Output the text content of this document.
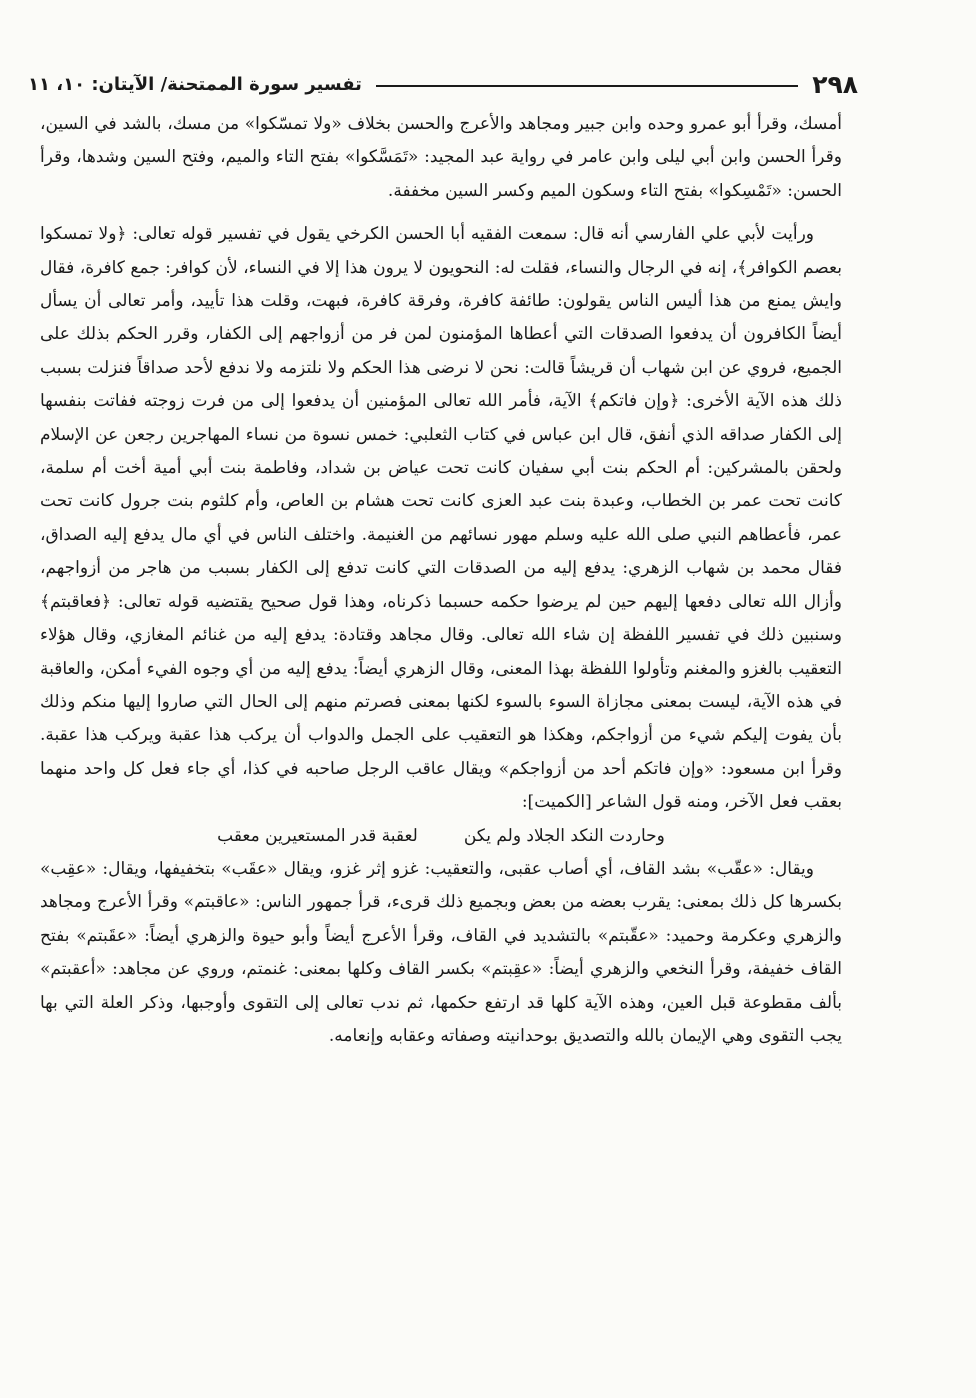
٢٩٨
تفسير سورة الممتحنة/ الآيتان: ١٠، ١١

أمسك، وقرأ أبو عمرو وحده وابن جبير ومجاهد والأعرج والحسن بخلاف «ولا تمسّكوا» من مسك، بالشد في السين، وقرأ الحسن وابن أبي ليلى وابن عامر في رواية عبد المجيد: «تَمَسَّكوا» بفتح التاء والميم، وفتح السين وشدها، وقرأ الحسن: «تَمْسِكوا» بفتح التاء وسكون الميم وكسر السين مخففة.

ورأيت لأبي علي الفارسي أنه قال: سمعت الفقيه أبا الحسن الكرخي يقول في تفسير قوله تعالى: ﴿ولا تمسكوا بعصم الكوافر﴾، إنه في الرجال والنساء، فقلت له: النحويون لا يرون هذا إلا في النساء، لأن كوافر: جمع كافرة، فقال وايش يمنع من هذا أليس الناس يقولون: طائفة كافرة، وفرقة كافرة، فبهت، وقلت هذا تأييد، وأمر تعالى أن يسأل أيضاً الكافرون أن يدفعوا الصدقات التي أعطاها المؤمنون لمن فر من أزواجهم إلى الكفار، وقرر الحكم بذلك على الجميع، فروي عن ابن شهاب أن قريشاً قالت: نحن لا نرضى هذا الحكم ولا نلتزمه ولا ندفع لأحد صداقاً فنزلت بسبب ذلك هذه الآية الأخرى: ﴿وإن فاتكم﴾ الآية، فأمر الله تعالى المؤمنين أن يدفعوا إلى من فرت زوجته ففاتت بنفسها إلى الكفار صداقه الذي أنفق، قال ابن عباس في كتاب الثعلبي: خمس نسوة من نساء المهاجرين رجعن عن الإسلام ولحقن بالمشركين: أم الحكم بنت أبي سفيان كانت تحت عياض بن شداد، وفاطمة بنت أبي أمية أخت أم سلمة، كانت تحت عمر بن الخطاب، وعبدة بنت عبد العزى كانت تحت هشام بن العاص، وأم كلثوم بنت جرول كانت تحت عمر، فأعطاهم النبي صلى الله عليه وسلم مهور نسائهم من الغنيمة. واختلف الناس في أي مال يدفع إليه الصداق، فقال محمد بن شهاب الزهري: يدفع إليه من الصدقات التي كانت تدفع إلى الكفار بسبب من هاجر من أزواجهم، وأزال الله تعالى دفعها إليهم حين لم يرضوا حكمه حسبما ذكرناه، وهذا قول صحيح يقتضيه قوله تعالى: ﴿فعاقبتم﴾ وسنبين ذلك في تفسير اللفظة إن شاء الله تعالى. وقال مجاهد وقتادة: يدفع إليه من غنائم المغازي، وقال هؤلاء التعقيب بالغزو والمغنم وتأولوا اللفظة بهذا المعنى، وقال الزهري أيضاً: يدفع إليه من أي وجوه الفيء أمكن، والعاقبة في هذه الآية، ليست بمعنى مجازاة السوء بالسوء لكنها بمعنى فصرتم منهم إلى الحال التي صاروا إليها منكم وذلك بأن يفوت إليكم شيء من أزواجكم، وهكذا هو التعقيب على الجمل والدواب أن يركب هذا عقبة ويركب هذا عقبة. وقرأ ابن مسعود: «وإن فاتكم أحد من أزواجكم» ويقال عاقب الرجل صاحبه في كذا، أي جاء فعل كل واحد منهما بعقب فعل الآخر، ومنه قول الشاعر [الكميت]:

وحاردت النكد الجلاد ولم يكن
لعقبة قدر المستعيرين معقب

ويقال: «عقّب» بشد القاف، أي أصاب عقبى، والتعقيب: غزو إثر غزو، ويقال «عقَب» بتخفيفها، ويقال: «عقِب» بكسرها كل ذلك بمعنى: يقرب بعضه من بعض وبجميع ذلك قرىء، قرأ جمهور الناس: «عاقبتم» وقرأ الأعرج ومجاهد والزهري وعكرمة وحميد: «عقّبتم» بالتشديد في القاف، وقرأ الأعرج أيضاً وأبو حيوة والزهري أيضاً: «عقَبتم» بفتح القاف خفيفة، وقرأ النخعي والزهري أيضاً: «عقِبتم» بكسر القاف وكلها بمعنى: غنمتم، وروي عن مجاهد: «أعقبتم» بألف مقطوعة قبل العين، وهذه الآية كلها قد ارتفع حكمها، ثم ندب تعالى إلى التقوى وأوجبها، وذكر العلة التي بها يجب التقوى وهي الإيمان بالله والتصديق بوحدانيته وصفاته وعقابه وإنعامه.
